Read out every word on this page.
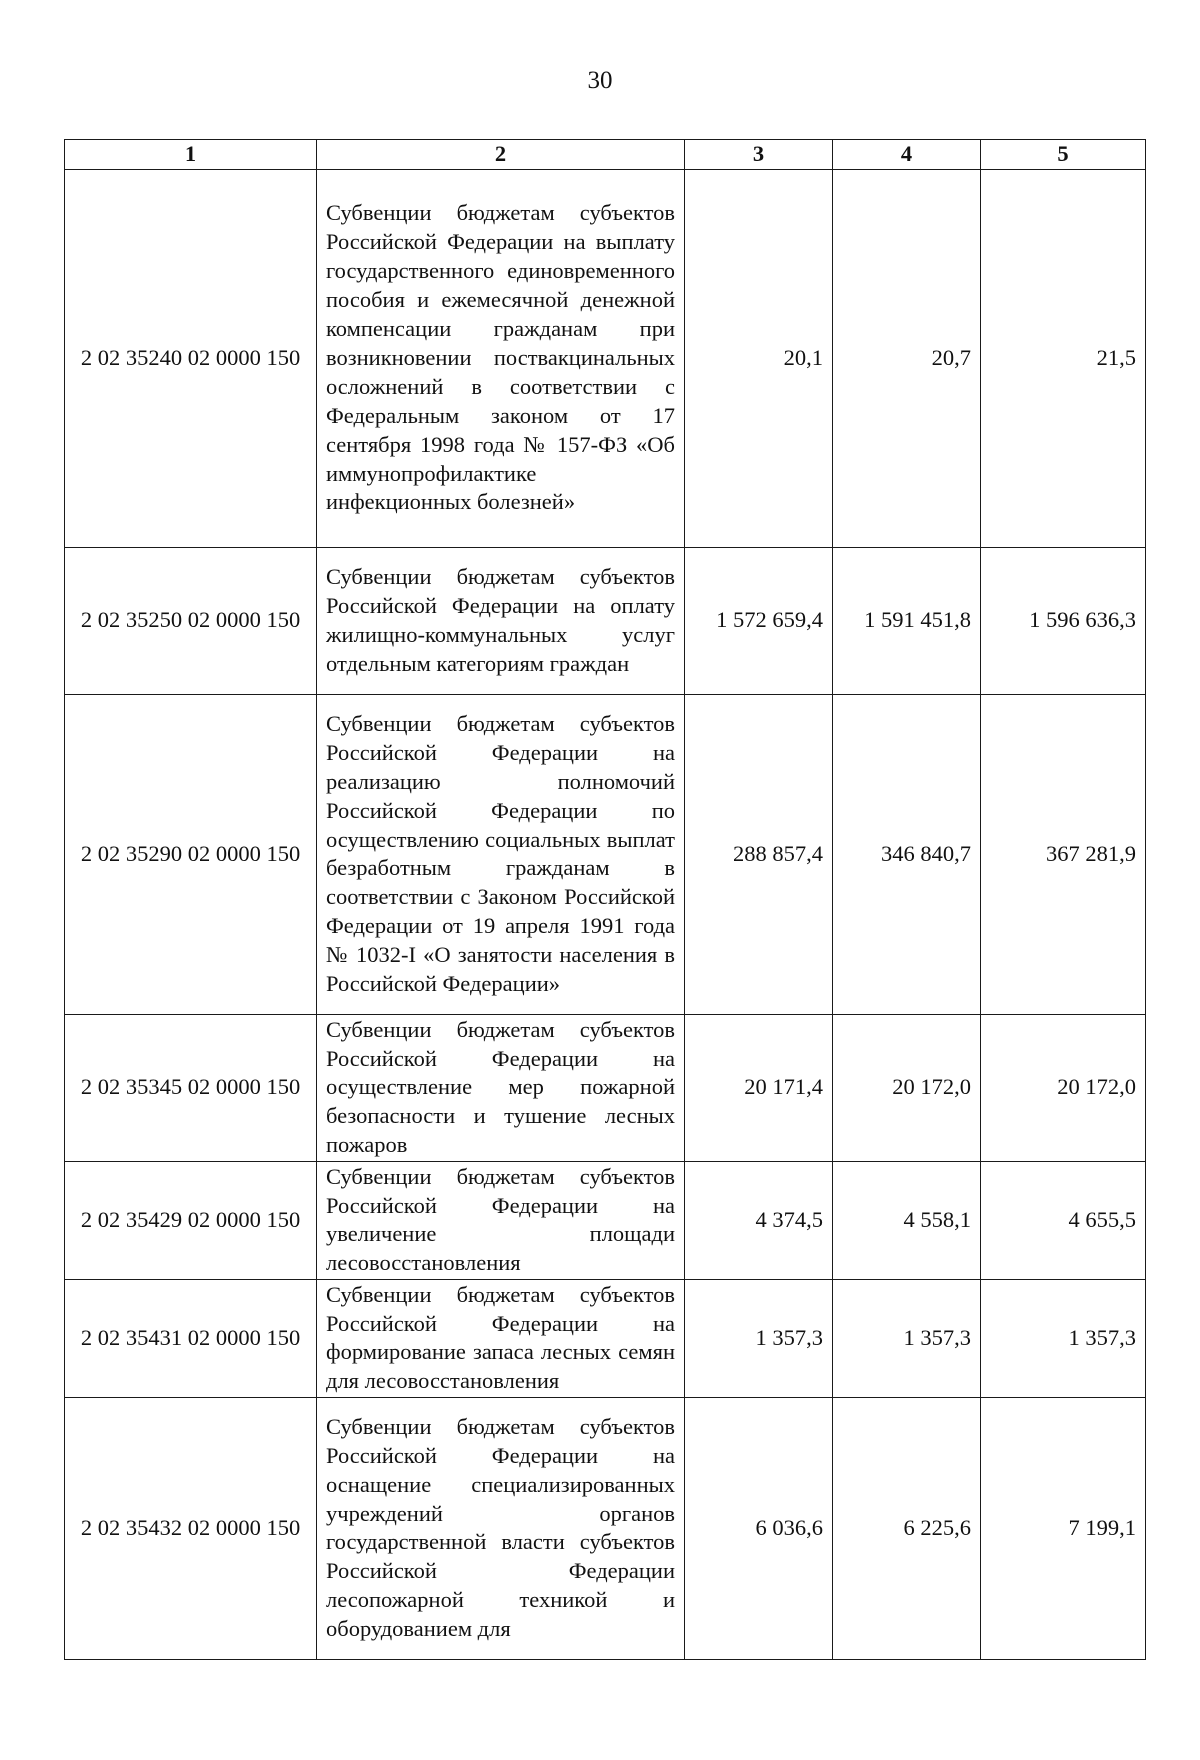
30
1	2	3	4	5
2 02 35240 02 0000 150	Субвенции бюджетам субъектов Российской Федерации на выплату государственного единовременного пособия и ежемесячной денежной компенсации гражданам при возникновении поствакцинальных осложнений в соответствии с Федеральным законом от 17 сентября 1998 года № 157-ФЗ «Об иммунопрофилактике инфекционных болезней»	20,1	20,7	21,5
2 02 35250 02 0000 150	Субвенции бюджетам субъектов Российской Федерации на оплату жилищно-коммунальных услуг отдельным категориям граждан	1 572 659,4	1 591 451,8	1 596 636,3
2 02 35290 02 0000 150	Субвенции бюджетам субъектов Российской Федерации на реализацию полномочий Российской Федерации по осуществлению социальных выплат безработным гражданам в соответствии с Законом Российской Федерации от 19 апреля 1991 года № 1032-I «О занятости населения в Российской Федерации»	288 857,4	346 840,7	367 281,9
2 02 35345 02 0000 150	Субвенции бюджетам субъектов Российской Федерации на осуществление мер пожарной безопасности и тушение лесных пожаров	20 171,4	20 172,0	20 172,0
2 02 35429 02 0000 150	Субвенции бюджетам субъектов Российской Федерации на увеличение площади лесовосстановления	4 374,5	4 558,1	4 655,5
2 02 35431 02 0000 150	Субвенции бюджетам субъектов Российской Федерации на формирование запаса лесных семян для лесовосстановления	1 357,3	1 357,3	1 357,3
2 02 35432 02 0000 150	Субвенции бюджетам субъектов Российской Федерации на оснащение специализированных учреждений органов государственной власти субъектов Российской Федерации лесопожарной техникой и оборудованием для	6 036,6	6 225,6	7 199,1
